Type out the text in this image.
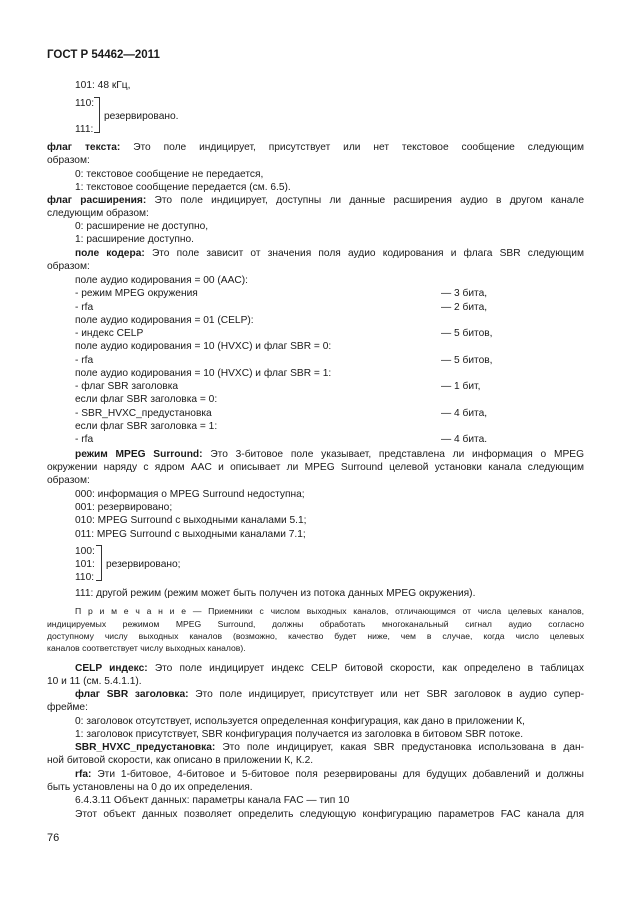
ГОСТ Р 54462—2011
101: 48 кГц,
110:
111:
резервировано.
флаг текста: Это поле индицирует, присутствует или нет текстовое сообщение следующим
образом:
0: текстовое сообщение не передается,
1: текстовое сообщение передается (см. 6.5).
флаг расширения: Это поле индицирует, доступны ли данные расширения аудио в другом канале
следующим образом:
0: расширение не доступно,
1: расширение доступно.
поле кодера: Это поле зависит от значения поля аудио кодирования и флага SBR следующим
образом:
поле аудио кодирования = 00 (AAC):
- режим MPEG окружения	— 3 бита,
- rfa	— 2 бита,
поле аудио кодирования = 01 (CELP):
- индекс CELP	— 5 битов,
поле аудио кодирования = 10 (HVXC) и флаг SBR = 0:
- rfa	— 5 битов,
поле аудио кодирования = 10 (HVXC) и флаг SBR = 1:
- флаг SBR заголовка	— 1 бит,
если флаг SBR заголовка = 0:
- SBR_HVXC_предустановка	— 4 бита,
если флаг SBR заголовка = 1:
- rfa	— 4 бита.
режим MPEG Surround: Это 3-битовое поле указывает, представлена ли информация о MPEG
окружении наряду с ядром AAC и описывает ли MPEG Surround целевой установки канала следующим
образом:
000: информация о MPEG Surround недоступна;
001: резервировано;
010: MPEG Surround с выходными каналами 5.1;
011: MPEG Surround с выходными каналами 7.1;
100:
101:
110:
резервировано;
111: другой режим (режим может быть получен из потока данных MPEG окружения).
П р и м е ч а н и е — Приемники с числом выходных каналов, отличающимся от числа целевых каналов,
индицируемых режимом MPEG Surround, должны обработать многоканальный сигнал аудио согласно
доступному числу выходных каналов (возможно, качество будет ниже, чем в случае, когда число целевых
каналов соответствует числу выходных каналов).
CELP индекс: Это поле индицирует индекс CELP битовой скорости, как определено в таблицах
10 и 11 (см. 5.4.1.1).
флаг SBR заголовка: Это поле индицирует, присутствует или нет SBR заголовок в аудио супер-
фрейме:
0: заголовок отсутствует, используется определенная конфигурация, как дано в приложении К,
1: заголовок присутствует, SBR конфигурация получается из заголовка в битовом SBR потоке.
SBR_HVXC_предустановка: Это поле индицирует, какая SBR предустановка использована в дан-
ной битовой скорости, как описано в приложении К, К.2.
rfa: Эти 1-битовое, 4-битовое и 5-битовое поля резервированы для будущих добавлений и должны
быть установлены на 0 до их определения.
6.4.3.11 Объект данных: параметры канала FAC — тип 10
Этот объект данных позволяет определить следующую конфигурацию параметров FAC канала для
76
